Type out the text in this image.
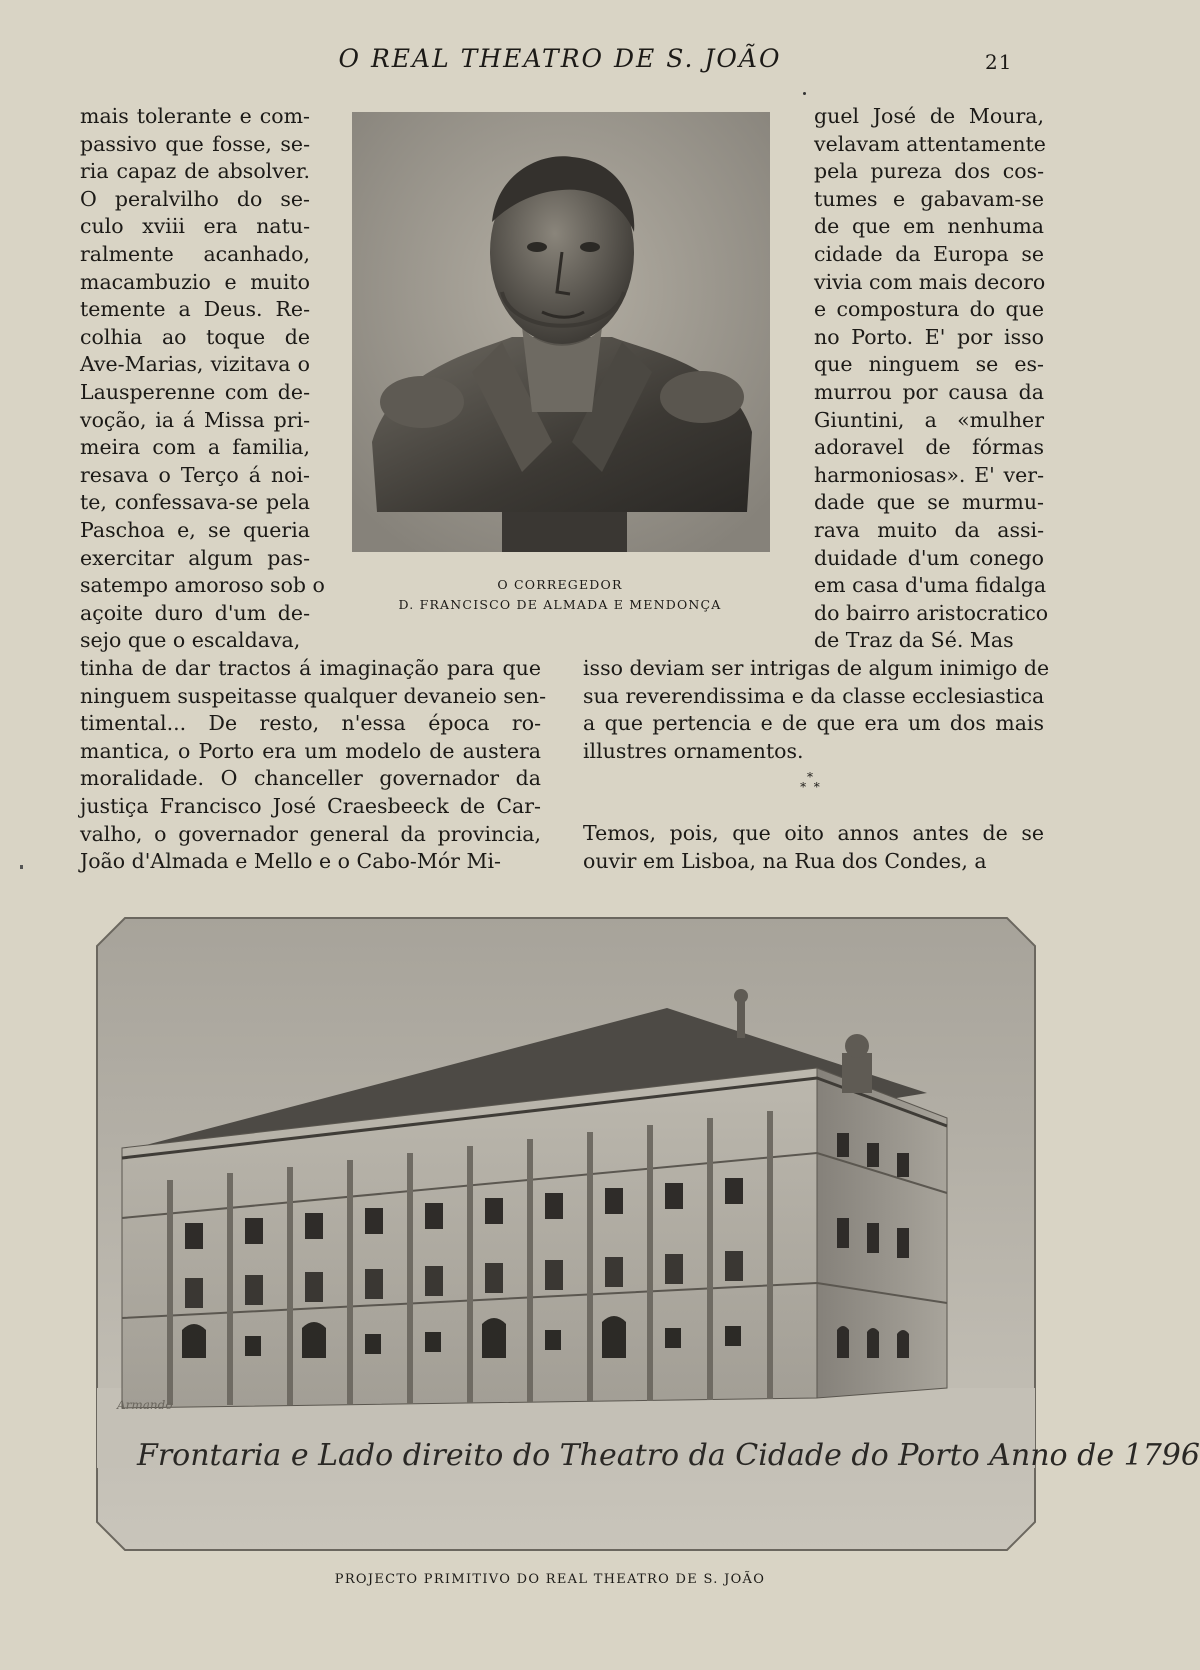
O REAL THEATRO DE S. JOÃO	21
mais tolerante e com-
passivo que fosse, se-
ria capaz de absolver.
O peralvilho do se-
culo xviii era natu-
ralmente acanhado,
macambuzio e muito
temente a Deus. Re-
colhia ao toque de
Ave-Marias, vizitava o
Lausperenne com de-
voção, ia á Missa pri-
meira com a familia,
resava o Terço á noi-
te, confessava-se pela
Paschoa e, se queria
exercitar algum pas-
satempo amoroso sob o
açoite duro d'um de-
sejo que o escaldava,
tinha de dar tractos á imaginação para que
ninguem suspeitasse qualquer devaneio sen-
timental... De resto, n'essa época ro-
mantica, o Porto era um modelo de austera
moralidade. O chanceller governador da
justiça Francisco José Craesbeeck de Car-
valho, o governador general da provincia,
João d'Almada e Mello e o Cabo-Mór Mi-
guel José de Moura,
velavam attentamente
pela pureza dos cos-
tumes e gabavam-se
de que em nenhuma
cidade da Europa se
vivia com mais decoro
e compostura do que
no Porto. E' por isso
que ninguem se es-
murrou por causa da
Giuntini, a «mulher
adoravel de fórmas
harmoniosas». E' ver-
dade que se murmu-
rava muito da assi-
duidade d'um conego
em casa d'uma fidalga
do bairro aristocratico
de Traz da Sé. Mas
isso deviam ser intrigas de algum inimigo de
sua reverendissima e da classe ecclesiastica
a que pertencia e de que era um dos mais
illustres ornamentos.
Temos, pois, que oito annos antes de se
ouvir em Lisboa, na Rua dos Condes, a
*
*  *
O CORREGEDOR
D. FRANCISCO DE ALMADA E MENDONÇA
Frontaria e Lado direito do Theatro da Cidade do Porto Anno de 1796
Armando
PROJECTO PRIMITIVO DO REAL THEATRO DE S. JOÃO
